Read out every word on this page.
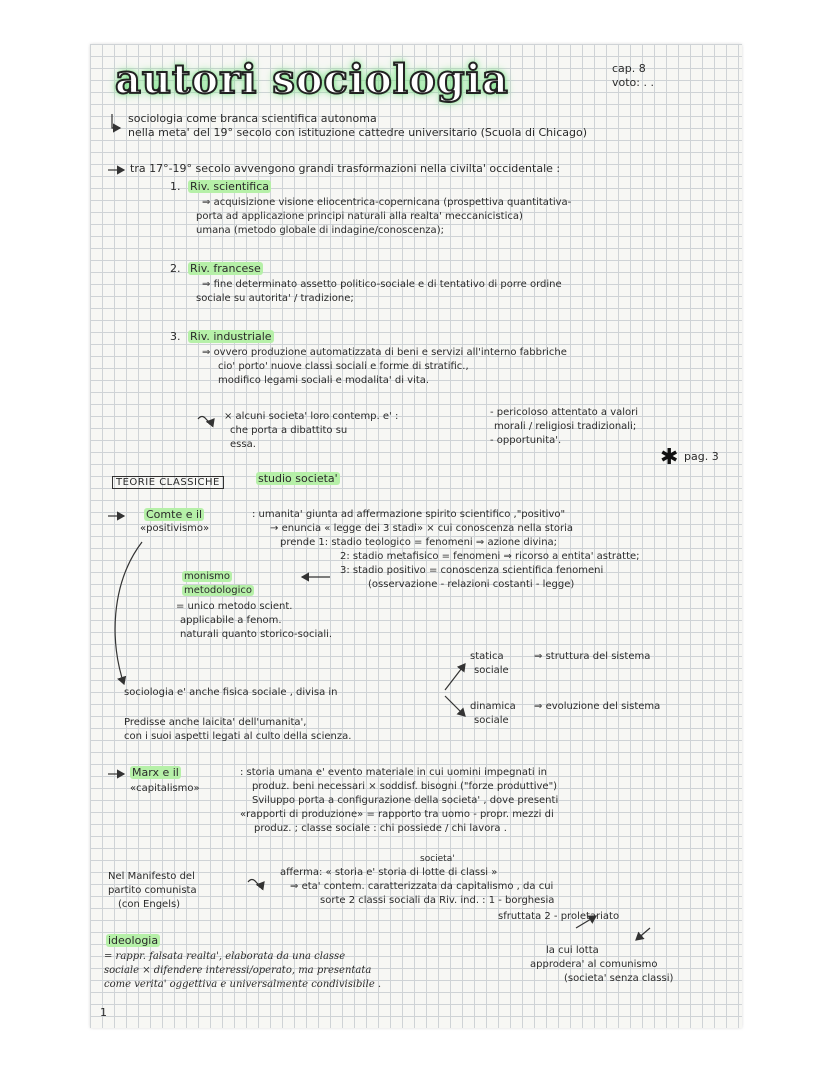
✱
autori sociologia	cap. 8
voto: . .
sociologia come branca scientifica autonoma
nella meta' del 19° secolo con istituzione cattedre universitario (Scuola di Chicago)
tra 17°-19° secolo avvengono grandi trasformazioni nella civilta' occidentale :
1. Riv. scientifica
⇒ acquisizione visione eliocentrica-copernicana (prospettiva quantitativa-
porta ad applicazione principi naturali alla realta' meccanicistica)
umana (metodo globale di indagine/conoscenza);
2. Riv. francese
⇒ fine determinato assetto politico-sociale e di tentativo di porre ordine
sociale su autorita' / tradizione;
3. Riv. industriale
⇒ ovvero produzione automatizzata di beni e servizi all'interno fabbriche
cio' porto' nuove classi sociali e forme di stratific.,
modifico legami sociali e modalita' di vita.
× alcuni societa' loro contemp. e' :
che porta a dibattito su
essa.
- pericoloso attentato a valori
morali / religiosi tradizionali;
- opportunita'.
pag. 3
TEORIE CLASSICHE	studio societa'
Comte e il
«positivismo»
: umanita' giunta ad affermazione spirito scientifico ,"positivo"
→ enuncia « legge dei 3 stadi» × cui conoscenza nella storia
prende 1: stadio teologico = fenomeni ⇒ azione divina;
2: stadio metafisico = fenomeni ⇒ ricorso a entita' astratte;
3: stadio positivo = conoscenza scientifica fenomeni
(osservazione - relazioni costanti - legge)
monismo
metodologico
= unico metodo scient.
applicabile a fenom.
naturali quanto storico-sociali.
statica
sociale
⇒ struttura del sistema
sociologia e' anche fisica sociale , divisa in
dinamica
sociale
⇒ evoluzione del sistema
Predisse anche laicita' dell'umanita',
con i suoi aspetti legati al culto della scienza.
Marx e il
«capitalismo»
: storia umana e' evento materiale in cui uomini impegnati in
produz. beni necessari × soddisf. bisogni ("forze produttive")
Sviluppo porta a configurazione della societa' , dove presenti
«rapporti di produzione» = rapporto tra uomo - propr. mezzi di
produz. ; classe sociale : chi possiede / chi lavora .
Nel Manifesto del
partito comunista
(con Engels)
societa'
afferma: « storia e' storia di lotte di classi »
⇒ eta' contem. caratterizzata da capitalismo , da cui
sorte 2 classi sociali da Riv. ind. : 1 - borghesia
sfruttata 2 - proletariato
ideologia
= rappr. falsata realta', elaborata da una classe
sociale × difendere interessi/operato, ma presentata
come verita' oggettiva e universalmente condivisibile .
la cui lotta
approdera' al comunismo
(societa' senza classi)
1
